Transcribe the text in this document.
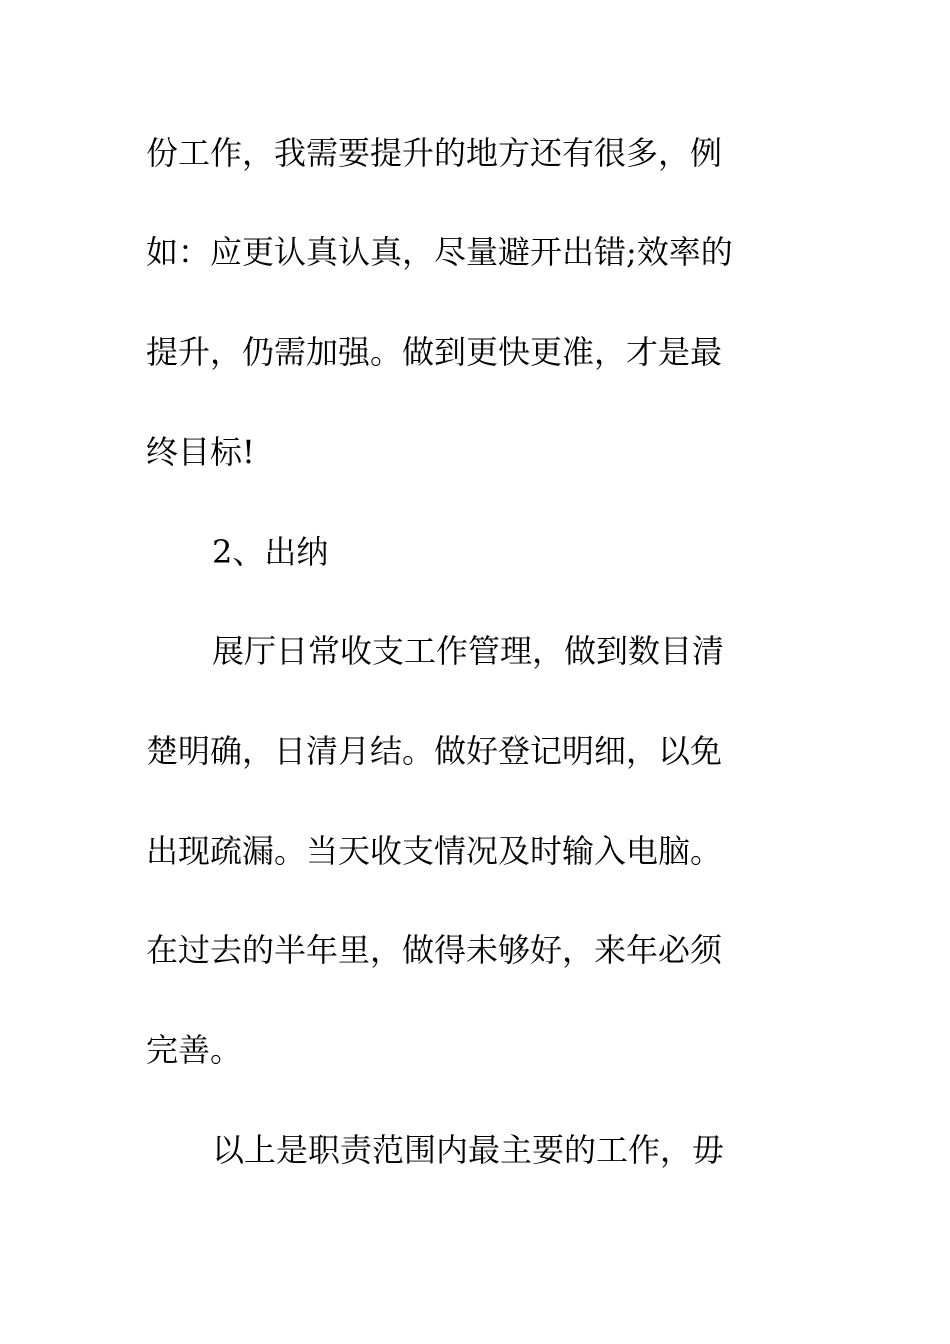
份工作，我需要提升的地方还有很多，例

如：应更认真认真，尽量避开出错;效率的

提升，仍需加强。做到更快更准，才是最

终目标!

2、出纳

展厅日常收支工作管理，做到数目清

楚明确，日清月结。做好登记明细，以免

出现疏漏。当天收支情况及时输入电脑。

在过去的半年里，做得未够好，来年必须

完善。

以上是职责范围内最主要的工作，毋
